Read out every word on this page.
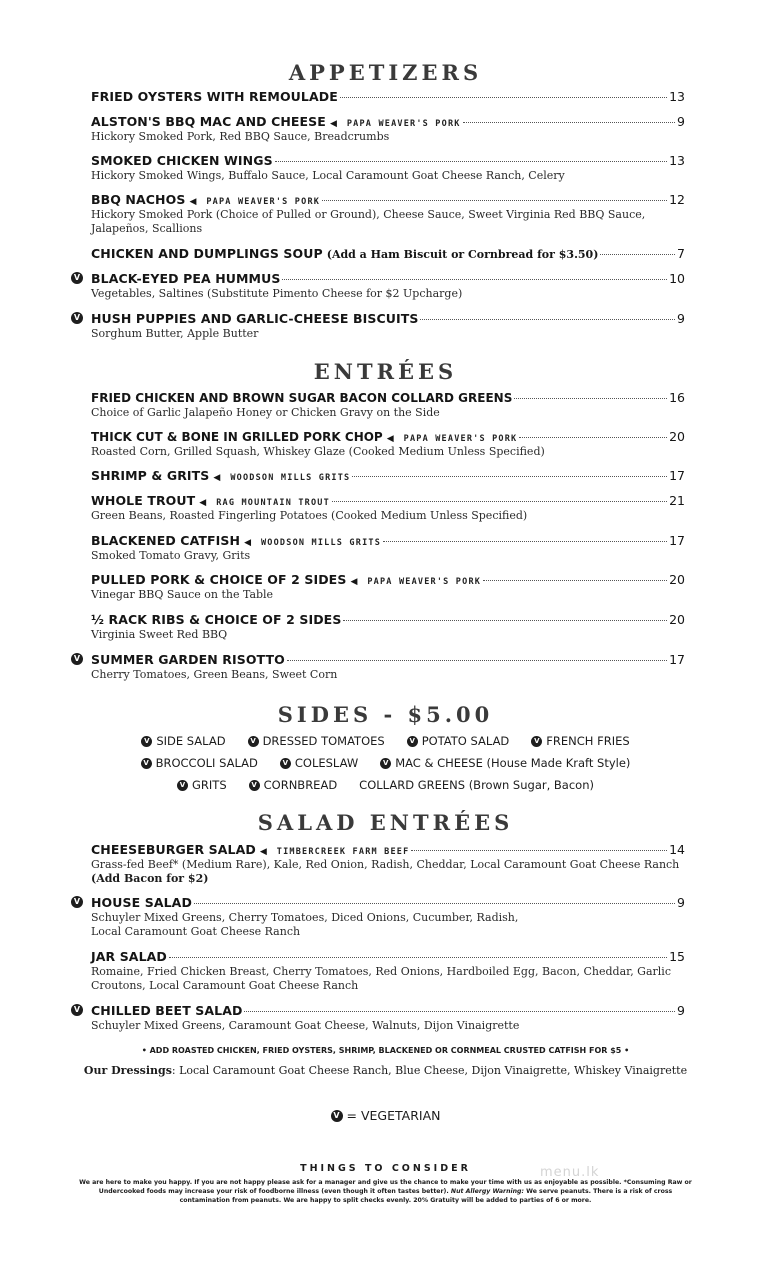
APPETIZERS
FRIED OYSTERS WITH REMOULADE	13
ALSTON'S BBQ MAC AND CHEESE ◀ PAPA WEAVER'S PORK	9
Hickory Smoked Pork, Red BBQ Sauce, Breadcrumbs
SMOKED CHICKEN WINGS	13
Hickory Smoked Wings, Buffalo Sauce, Local Caramount Goat Cheese Ranch, Celery
BBQ NACHOS ◀ PAPA WEAVER'S PORK	12
Hickory Smoked Pork (Choice of Pulled or Ground), Cheese Sauce, Sweet Virginia Red BBQ Sauce,
Jalapeños, Scallions
CHICKEN AND DUMPLINGS SOUP (Add a Ham Biscuit or Cornbread for $3.50)	7
V BLACK-EYED PEA HUMMUS	10
Vegetables, Saltines (Substitute Pimento Cheese for $2 Upcharge)
V HUSH PUPPIES AND GARLIC-CHEESE BISCUITS	9
Sorghum Butter, Apple Butter
ENTRÉES
FRIED CHICKEN AND BROWN SUGAR BACON COLLARD GREENS	16
Choice of Garlic Jalapeño Honey or Chicken Gravy on the Side
THICK CUT & BONE IN GRILLED PORK CHOP ◀ PAPA WEAVER'S PORK	20
Roasted Corn, Grilled Squash, Whiskey Glaze (Cooked Medium Unless Specified)
SHRIMP & GRITS ◀ WOODSON MILLS GRITS	17
WHOLE TROUT ◀ RAG MOUNTAIN TROUT	21
Green Beans, Roasted Fingerling Potatoes (Cooked Medium Unless Specified)
BLACKENED CATFISH ◀ WOODSON MILLS GRITS	17
Smoked Tomato Gravy, Grits
PULLED PORK & CHOICE OF 2 SIDES ◀ PAPA WEAVER'S PORK	20
Vinegar BBQ Sauce on the Table
½ RACK RIBS & CHOICE OF 2 SIDES	20
Virginia Sweet Red BBQ
V SUMMER GARDEN RISOTTO	17
Cherry Tomatoes, Green Beans, Sweet Corn
SIDES - $5.00
V SIDE SALAD	V DRESSED TOMATOES	V POTATO SALAD	V FRENCH FRIES
V BROCCOLI SALAD	V COLESLAW	V MAC & CHEESE (House Made Kraft Style)
V GRITS	V CORNBREAD COLLARD GREENS (Brown Sugar, Bacon)
SALAD ENTRÉES
CHEESEBURGER SALAD ◀ TIMBERCREEK FARM BEEF	14
Grass-fed Beef* (Medium Rare), Kale, Red Onion, Radish, Cheddar, Local Caramount Goat Cheese Ranch
(Add Bacon for $2)
V HOUSE SALAD	9
Schuyler Mixed Greens, Cherry Tomatoes, Diced Onions, Cucumber, Radish,
Local Caramount Goat Cheese Ranch
JAR SALAD	15
Romaine, Fried Chicken Breast, Cherry Tomatoes, Red Onions, Hardboiled Egg, Bacon, Cheddar, Garlic
Croutons, Local Caramount Goat Cheese Ranch
V CHILLED BEET SALAD	9
Schuyler Mixed Greens, Caramount Goat Cheese, Walnuts, Dijon Vinaigrette
• ADD ROASTED CHICKEN, FRIED OYSTERS, SHRIMP, BLACKENED OR CORNMEAL CRUSTED CATFISH FOR $5 •
Our Dressings: Local Caramount Goat Cheese Ranch, Blue Cheese, Dijon Vinaigrette, Whiskey Vinaigrette
V = VEGETARIAN
THINGS TO CONSIDER
We are here to make you happy. If you are not happy please ask for a manager and give us the chance to make your time with us as enjoyable as possible. *Consuming Raw or Undercooked foods may increase your risk of foodborne illness (even though it often tastes better). Nut Allergy Warning: We serve peanuts. There is a risk of cross contamination from peanuts. We are happy to split checks evenly. 20% Gratuity will be added to parties of 6 or more.
menu.lk
